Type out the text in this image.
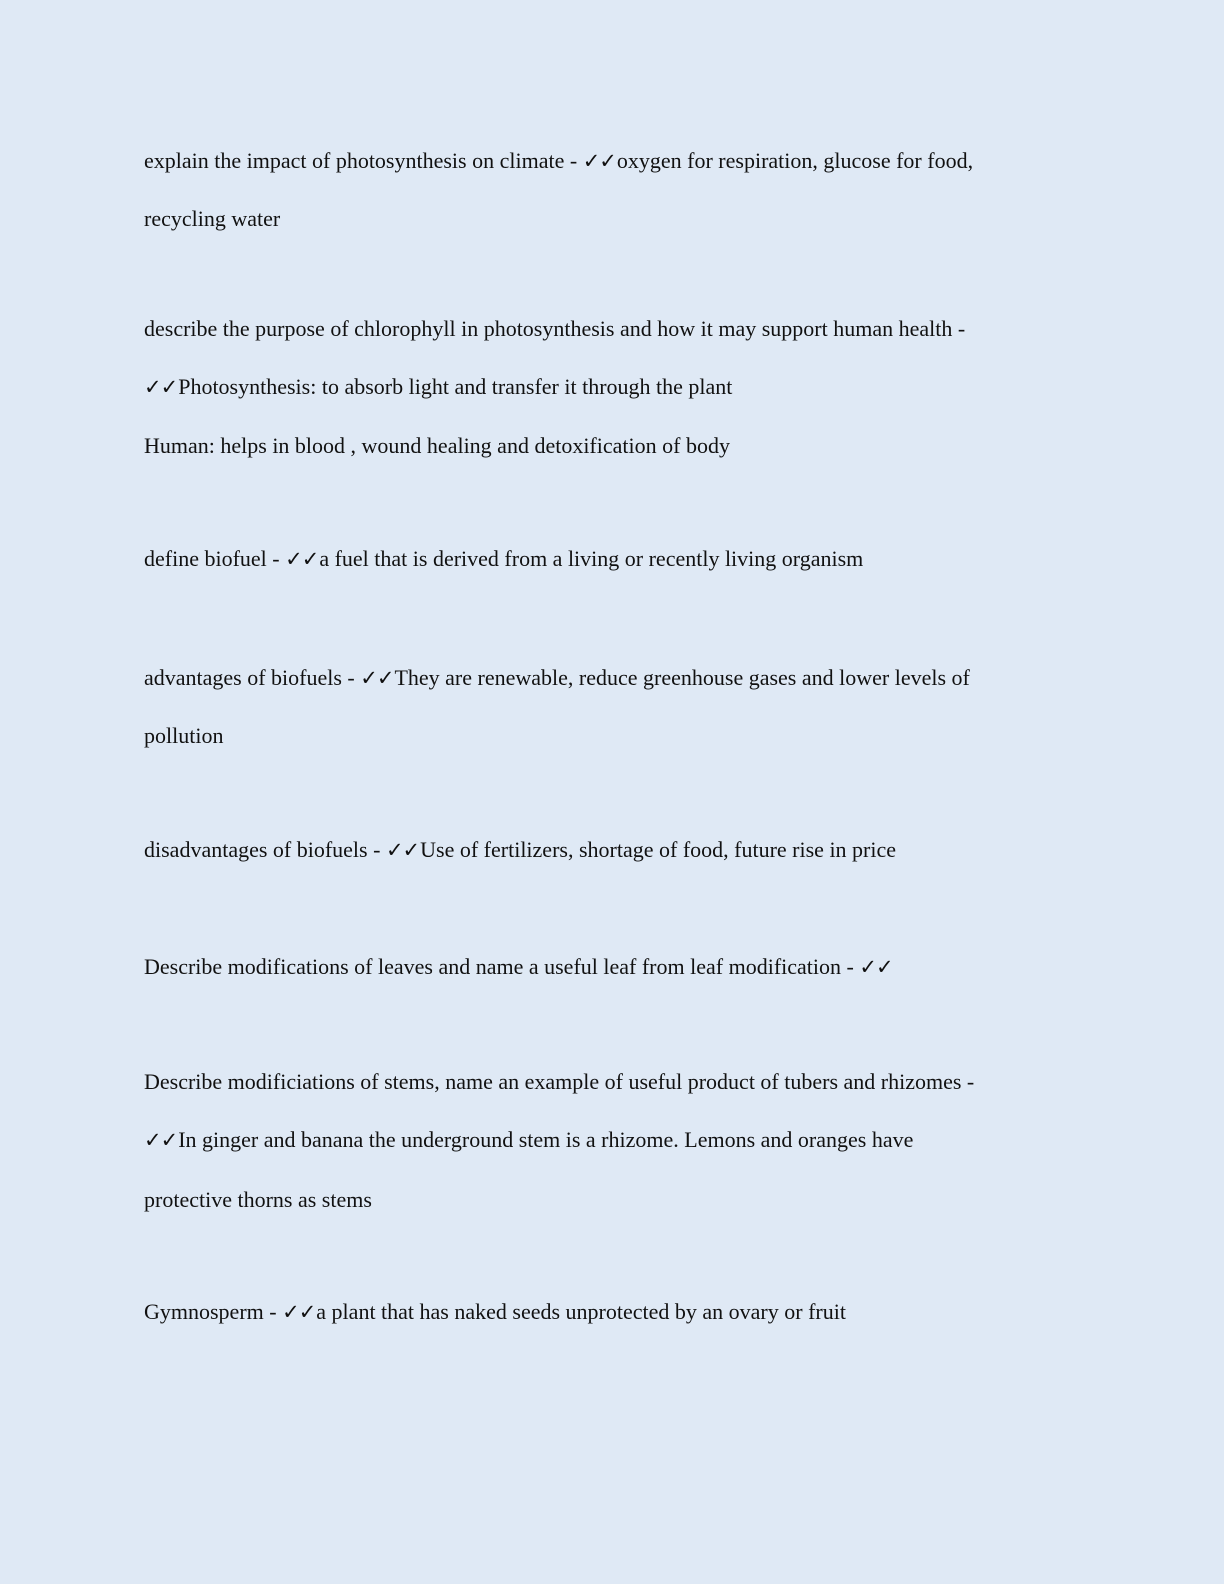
explain the impact of photosynthesis on climate - ✓✓oxygen for respiration, glucose for food,
recycling water
describe the purpose of chlorophyll in photosynthesis and how it may support human health -
✓✓Photosynthesis: to absorb light and transfer it through the plant
Human: helps in blood , wound healing and detoxification of body
define biofuel - ✓✓a fuel that is derived from a living or recently living organism
advantages of biofuels - ✓✓They are renewable, reduce greenhouse gases and lower levels of
pollution
disadvantages of biofuels - ✓✓Use of fertilizers, shortage of food, future rise in price
Describe modifications of leaves and name a useful leaf from leaf modification - ✓✓
Describe modificiations of stems, name an example of useful product of tubers and rhizomes -
✓✓In ginger and banana the underground stem is a rhizome. Lemons and oranges have
protective thorns as stems
Gymnosperm - ✓✓a plant that has naked seeds unprotected by an ovary or fruit
